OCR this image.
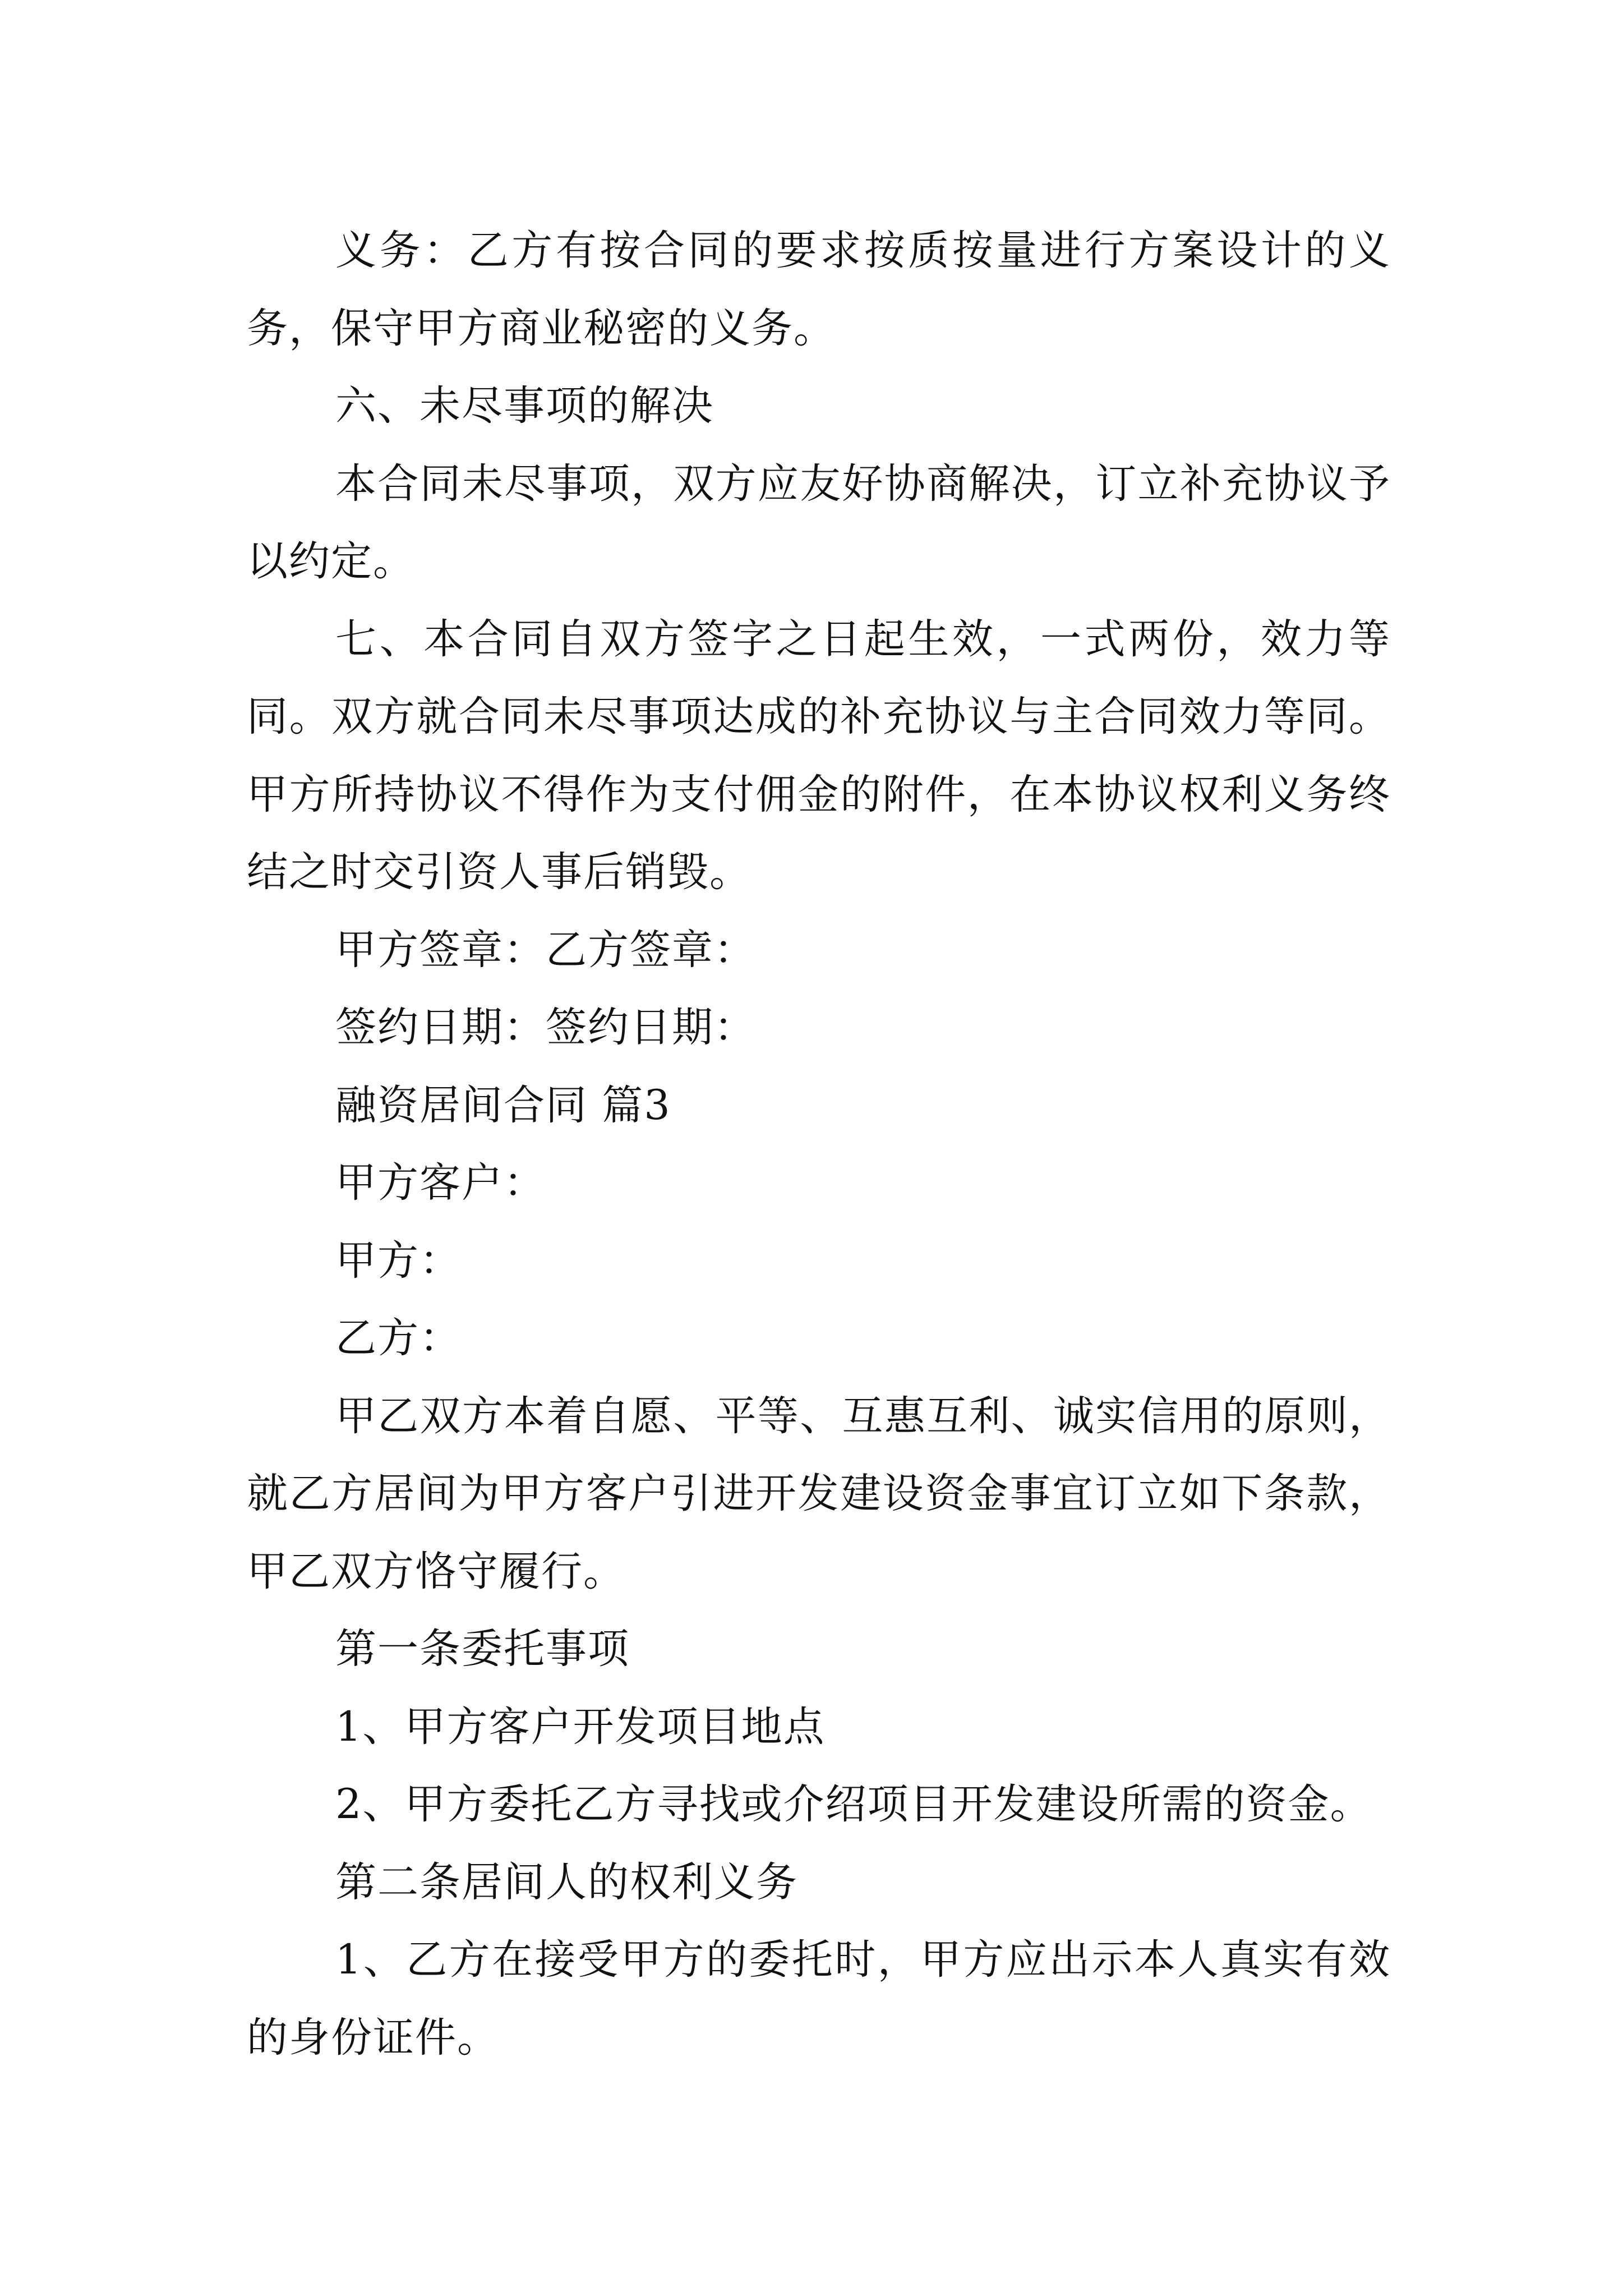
义务：乙方有按合同的要求按质按量进行方案设计的义务，保守甲方商业秘密的义务。

六、未尽事项的解决

本合同未尽事项，双方应友好协商解决，订立补充协议予以约定。

七、本合同自双方签字之日起生效，一式两份，效力等同。双方就合同未尽事项达成的补充协议与主合同效力等同。甲方所持协议不得作为支付佣金的附件，在本协议权利义务终结之时交引资人事后销毁。

甲方签章：乙方签章：

签约日期：签约日期：

融资居间合同 篇3

甲方客户：

甲方：

乙方：

甲乙双方本着自愿、平等、互惠互利、诚实信用的原则，就乙方居间为甲方客户引进开发建设资金事宜订立如下条款，甲乙双方恪守履行。

第一条委托事项

1、甲方客户开发项目地点

2、甲方委托乙方寻找或介绍项目开发建设所需的资金。

第二条居间人的权利义务

1、乙方在接受甲方的委托时，甲方应出示本人真实有效的身份证件。
